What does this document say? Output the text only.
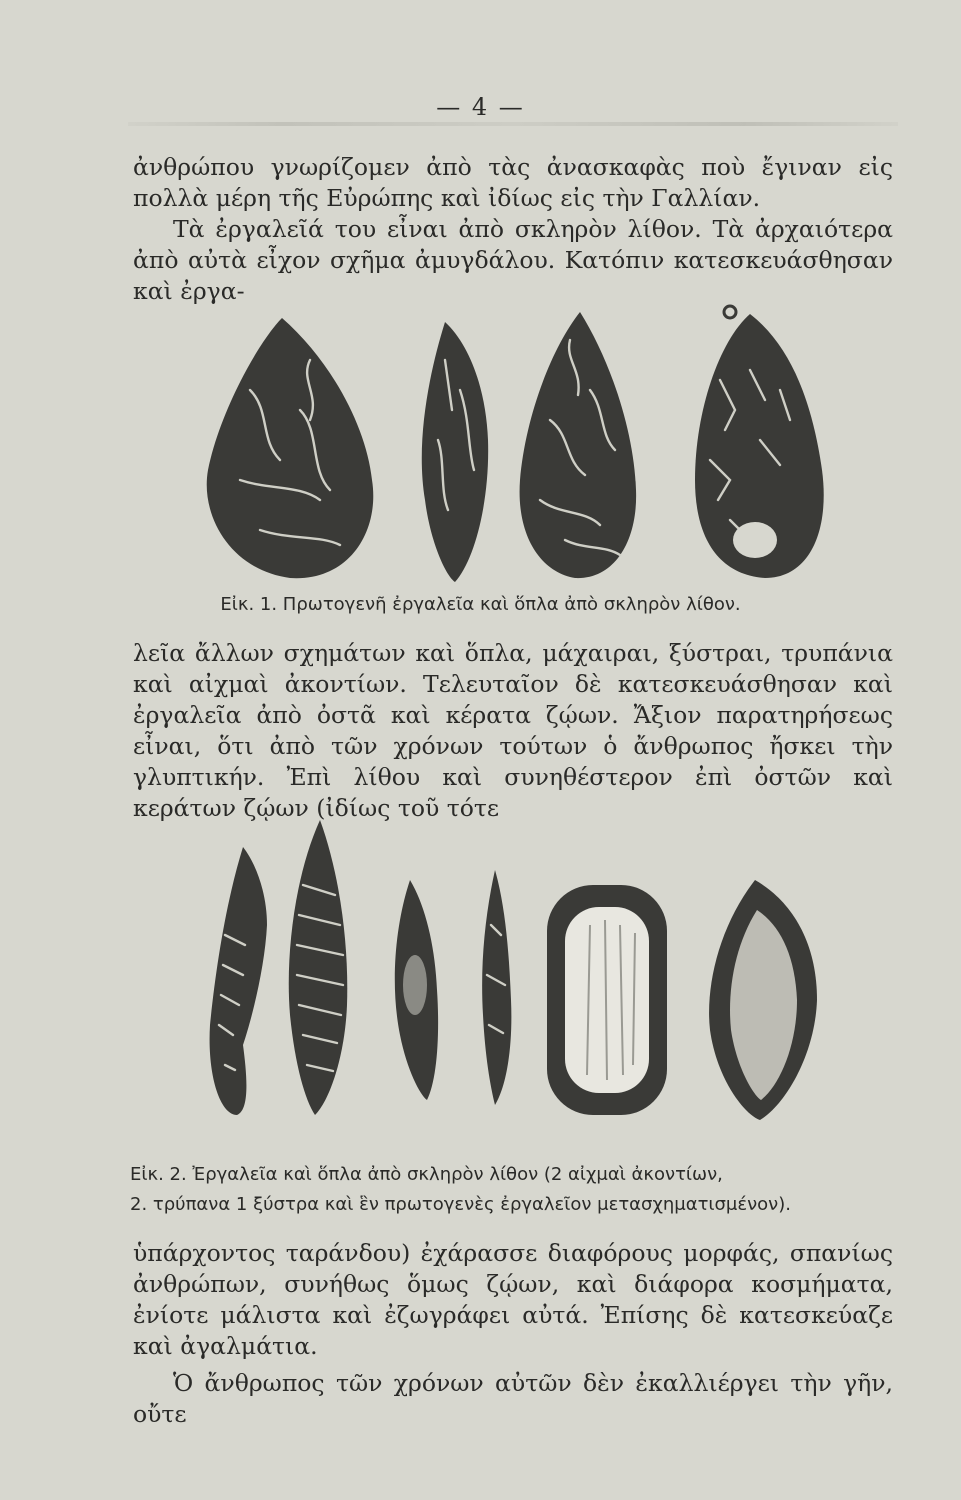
— 4 —

ἀνθρώπου γνωρίζομεν ἀπὸ τὰς ἀνασκαφὰς ποὺ ἔγιναν εἰς πολλὰ μέρη τῆς Εὐρώπης καὶ ἰδίως εἰς τὴν Γαλλίαν.

Τὰ ἐργαλεῖά του εἶναι ἀπὸ σκληρὸν λίθον. Τὰ ἀρχαιότερα ἀπὸ αὐτὰ εἶχον σχῆμα ἀμυγδάλου. Κατόπιν κατεσκευάσθησαν καὶ ἐργα-

Εἰκ. 1. Πρωτογενῆ ἐργαλεῖα καὶ ὅπλα ἀπὸ σκληρὸν λίθον.

λεῖα ἄλλων σχημάτων καὶ ὅπλα, μάχαιραι, ξύστραι, τρυπάνια καὶ αἰχμαὶ ἀκοντίων. Τελευταῖον δὲ κατεσκευάσθησαν καὶ ἐργαλεῖα ἀπὸ ὀστᾶ καὶ κέρατα ζῴων. Ἄξιον παρατηρήσεως εἶναι, ὅτι ἀπὸ τῶν χρόνων τούτων ὁ ἄνθρωπος ἤσκει τὴν γλυπτικήν. Ἐπὶ λίθου καὶ συνηθέστερον ἐπὶ ὀστῶν καὶ κεράτων ζῴων (ἰδίως τοῦ τότε

Εἰκ. 2. Ἐργαλεῖα καὶ ὅπλα ἀπὸ σκληρὸν λίθον (2 αἰχμαὶ ἀκοντίων,

2. τρύπανα 1 ξύστρα καὶ ἓν πρωτογενὲς ἐργαλεῖον μετασχηματισμένον).

ὑπάρχοντος ταράνδου) ἐχάρασσε διαφόρους μορφάς, σπανίως ἀνθρώπων, συνήθως ὅμως ζῴων, καὶ διάφορα κοσμήματα, ἐνίοτε μάλιστα καὶ ἐζωγράφει αὐτά. Ἐπίσης δὲ κατεσκεύαζε καὶ ἀγαλμάτια.

Ὁ ἄνθρωπος τῶν χρόνων αὐτῶν δὲν ἐκαλλιέργει τὴν γῆν, οὔτε
